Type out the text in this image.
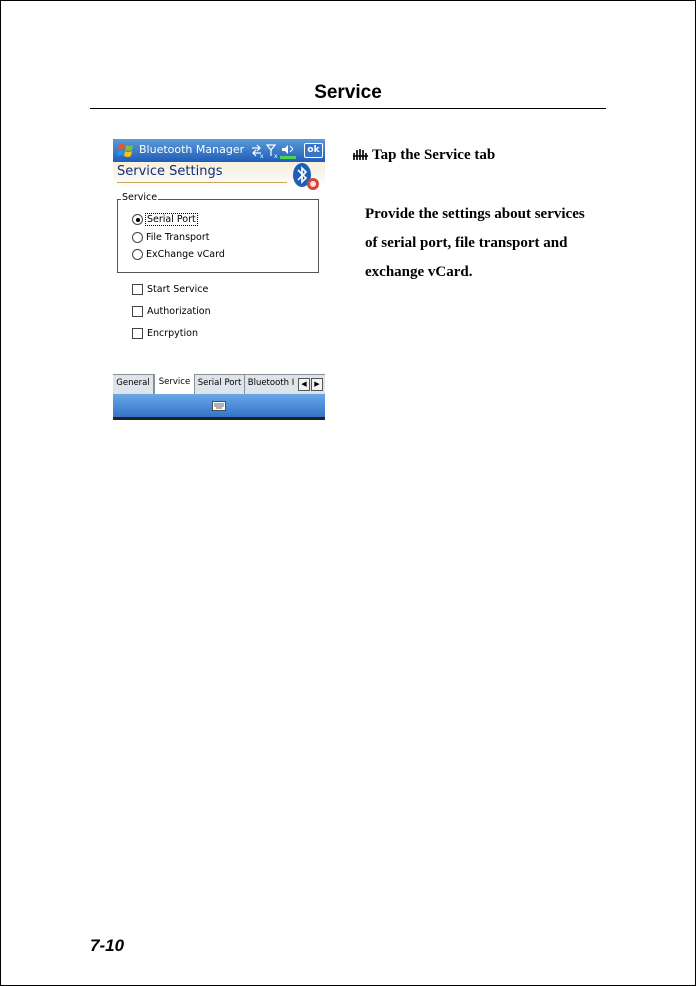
Service
Bluetooth Manager
x x
ok
Service Settings
Service
Serial Port
File Transport
ExChange vCard
Start Service
Authorization
Encrpytion
General	Service Serial Port Bluetooth I	◀	▶
Tap the Service tab
Provide the settings about services
of serial port, file transport and
exchange vCard.
7-10
